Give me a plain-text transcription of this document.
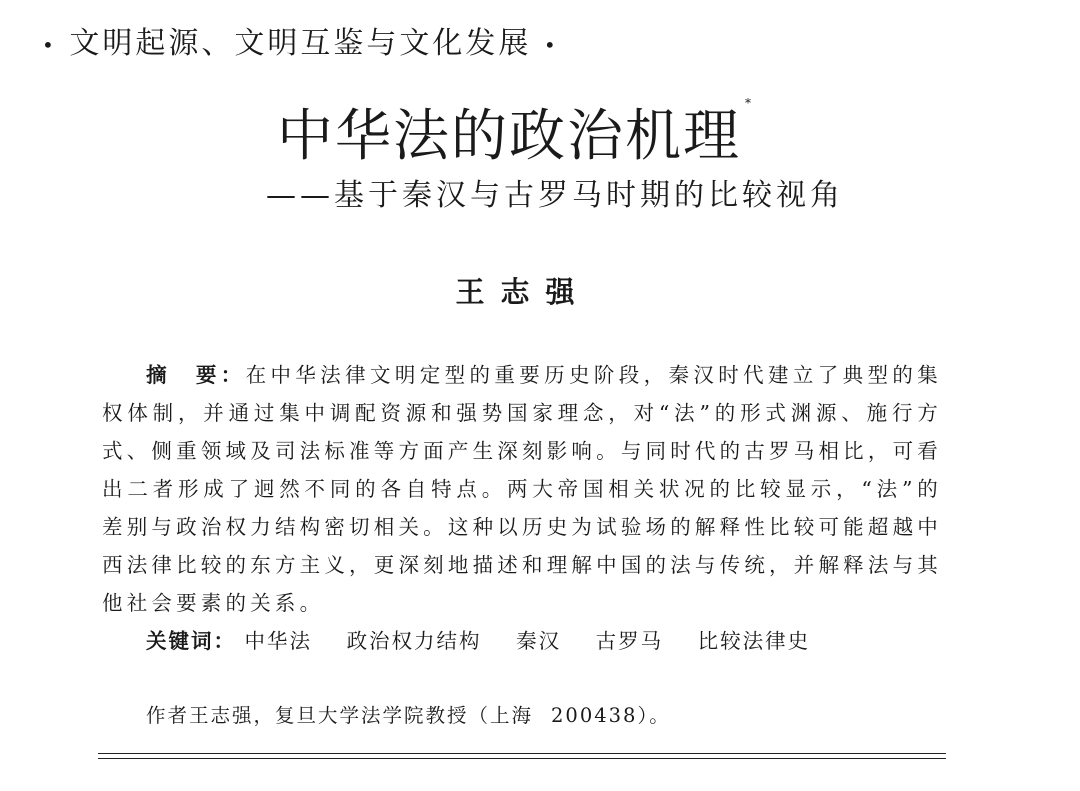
• 文明起源、文明互鉴与文化发展 •
中华法的政治机理*
——基于秦汉与古罗马时期的比较视角
王志强
摘　要：在中华法律文明定型的重要历史阶段，秦汉时代建立了典型的集权体制，并通过集中调配资源和强势国家理念，对“法”的形式渊源、施行方式、侧重领域及司法标准等方面产生深刻影响。与同时代的古罗马相比，可看出二者形成了迥然不同的各自特点。两大帝国相关状况的比较显示，“法”的差别与政治权力结构密切相关。这种以历史为试验场的解释性比较可能超越中西法律比较的东方主义，更深刻地描述和理解中国的法与传统，并解释法与其他社会要素的关系。
关键词： 中华法 政治权力结构 秦汉 古罗马 比较法律史
作者王志强，复旦大学法学院教授（上海 200438）。
